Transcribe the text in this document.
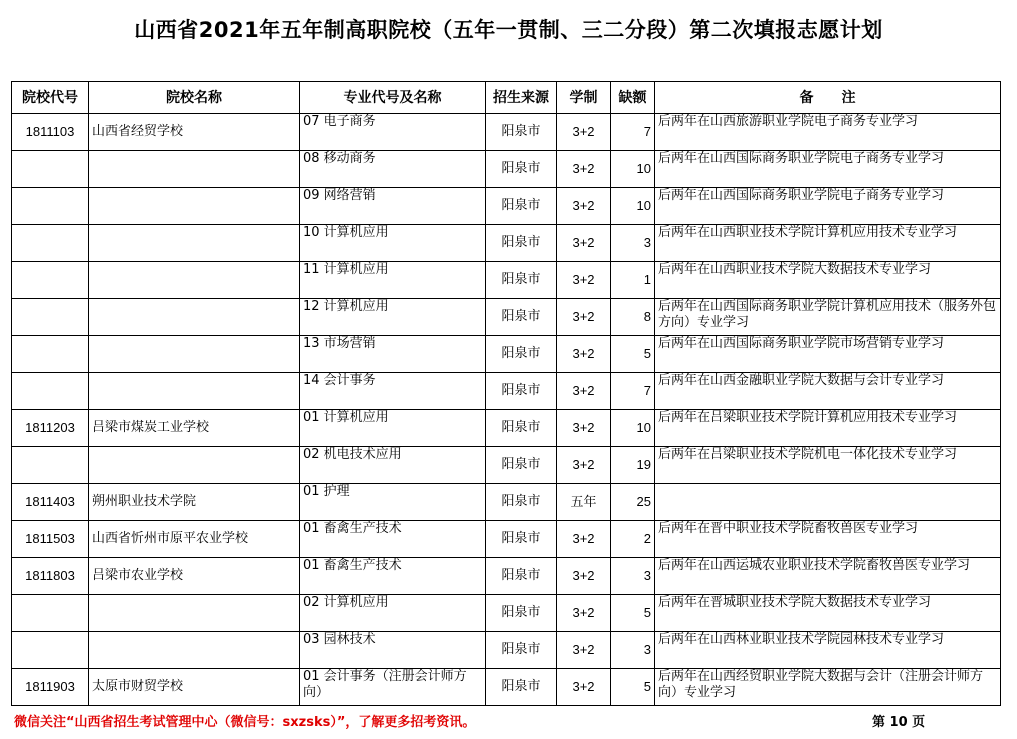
山西省2021年五年制高职院校（五年一贯制、三二分段）第二次填报志愿计划
院校代号	院校名称	专业代号及名称	招生来源	学制	缺额	备　　注
1811103	山西省经贸学校	07 电子商务	阳泉市	3+2	7	后两年在山西旅游职业学院电子商务专业学习
		08 移动商务	阳泉市	3+2	10	后两年在山西国际商务职业学院电子商务专业学习
		09 网络营销	阳泉市	3+2	10	后两年在山西国际商务职业学院电子商务专业学习
		10 计算机应用	阳泉市	3+2	3	后两年在山西职业技术学院计算机应用技术专业学习
		11 计算机应用	阳泉市	3+2	1	后两年在山西职业技术学院大数据技术专业学习
		12 计算机应用	阳泉市	3+2	8	后两年在山西国际商务职业学院计算机应用技术（服务外包方向）专业学习
		13 市场营销	阳泉市	3+2	5	后两年在山西国际商务职业学院市场营销专业学习
		14 会计事务	阳泉市	3+2	7	后两年在山西金融职业学院大数据与会计专业学习
1811203	吕梁市煤炭工业学校	01 计算机应用	阳泉市	3+2	10	后两年在吕梁职业技术学院计算机应用技术专业学习
		02 机电技术应用	阳泉市	3+2	19	后两年在吕梁职业技术学院机电一体化技术专业学习
1811403	朔州职业技术学院	01 护理	阳泉市	五年	25	
1811503	山西省忻州市原平农业学校	01 畜禽生产技术	阳泉市	3+2	2	后两年在晋中职业技术学院畜牧兽医专业学习
1811803	吕梁市农业学校	01 畜禽生产技术	阳泉市	3+2	3	后两年在山西运城农业职业技术学院畜牧兽医专业学习
		02 计算机应用	阳泉市	3+2	5	后两年在晋城职业技术学院大数据技术专业学习
		03 园林技术	阳泉市	3+2	3	后两年在山西林业职业技术学院园林技术专业学习
1811903	太原市财贸学校	01 会计事务（注册会计师方向）	阳泉市	3+2	5	后两年在山西经贸职业学院大数据与会计（注册会计师方向）专业学习
微信关注“山西省招生考试管理中心（微信号：sxzsks）”，了解更多招考资讯。	第 10 页
